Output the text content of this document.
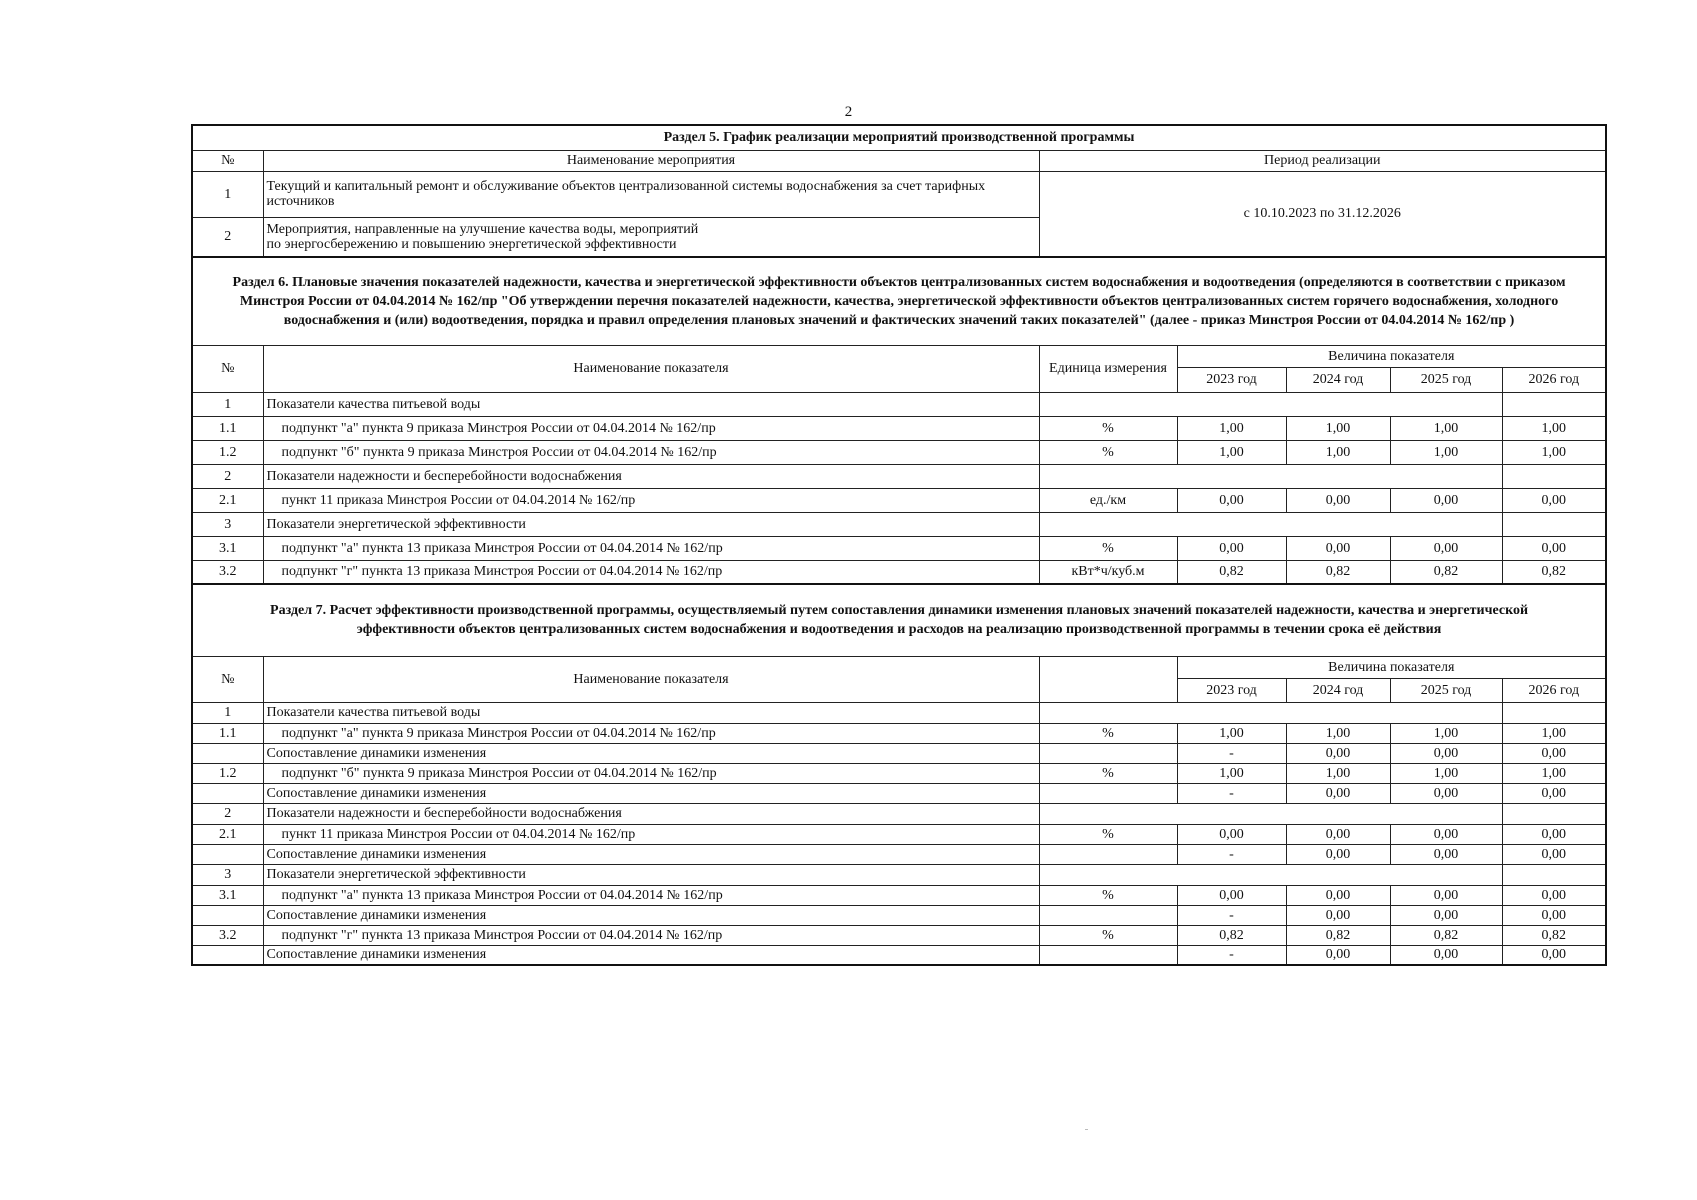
2
Раздел 5. График реализации мероприятий производственной программы						
№	Наименование мероприятия	Период реализации				
1	Текущий и капитальный ремонт и обслуживание объектов централизованной системы водоснабжения за счет тарифных источников	с 10.10.2023 по 31.12.2026				
2	Мероприятия, направленные на улучшение качества воды, мероприятий
по энергосбережению и повышению энергетической эффективности					

Раздел 6. Плановые значения показателей надежности, качества и энергетической эффективности объектов централизованных систем водоснабжения и водоотведения (определяются в соответствии с приказом Минстроя России от 04.04.2014 № 162/пр "Об утверждении перечня показателей надежности, качества, энергетической эффективности объектов централизованных систем горячего водоснабжения, холодного водоснабжения и (или) водоотведения, порядка и правил определения плановых значений и фактических значений таких показателей" (далее - приказ Минстроя России от 04.04.2014 № 162/пр )						
№	Наименование показателя	Единица измерения	Величина показателя			
			2023 год	2024 год	2025 год	2026 год
1	Показатели качества питьевой воды					
1.1	подпункт "а" пункта 9 приказа Минстроя России от 04.04.2014 № 162/пр	%	1,00	1,00	1,00	1,00
1.2	подпункт "б" пункта 9 приказа Минстроя России от 04.04.2014 № 162/пр	%	1,00	1,00	1,00	1,00
2	Показатели надежности и бесперебойности водоснабжения					
2.1	пункт 11 приказа Минстроя России от 04.04.2014 № 162/пр	ед./км	0,00	0,00	0,00	0,00
3	Показатели энергетической эффективности					
3.1	подпункт "а" пункта 13 приказа Минстроя России от 04.04.2014 № 162/пр	%	0,00	0,00	0,00	0,00
3.2	подпункт "г" пункта 13 приказа Минстроя России от 04.04.2014 № 162/пр	кВт*ч/куб.м	0,82	0,82	0,82	0,82

Раздел 7. Расчет эффективности производственной программы, осуществляемый путем сопоставления динамики изменения плановых значений показателей надежности, качества и энергетической
эффективности объектов централизованных систем водоснабжения и водоотведения и расходов на реализацию производственной программы в течении срока её действия						

№	Наименование показателя		Величина показателя			
			2023 год	2024 год	2025 год	2026 год
1	Показатели качества питьевой воды					
1.1	подпункт "а" пункта 9 приказа Минстроя России от 04.04.2014 № 162/пр	%	1,00	1,00	1,00	1,00
	Сопоставление динамики изменения		-	0,00	0,00	0,00
1.2	подпункт "б" пункта 9 приказа Минстроя России от 04.04.2014 № 162/пр	%	1,00	1,00	1,00	1,00
	Сопоставление динамики изменения		-	0,00	0,00	0,00
2	Показатели надежности и бесперебойности водоснабжения					
2.1	пункт 11 приказа Минстроя России от 04.04.2014 № 162/пр	%	0,00	0,00	0,00	0,00
	Сопоставление динамики изменения		-	0,00	0,00	0,00
3	Показатели энергетической эффективности					
3.1	подпункт "а" пункта 13 приказа Минстроя России от 04.04.2014 № 162/пр	%	0,00	0,00	0,00	0,00
	Сопоставление динамики изменения		-	0,00	0,00	0,00
3.2	подпункт "г" пункта 13 приказа Минстроя России от 04.04.2014 № 162/пр	%	0,82	0,82	0,82	0,82
	Сопоставление динамики изменения		-	0,00	0,00	0,00
